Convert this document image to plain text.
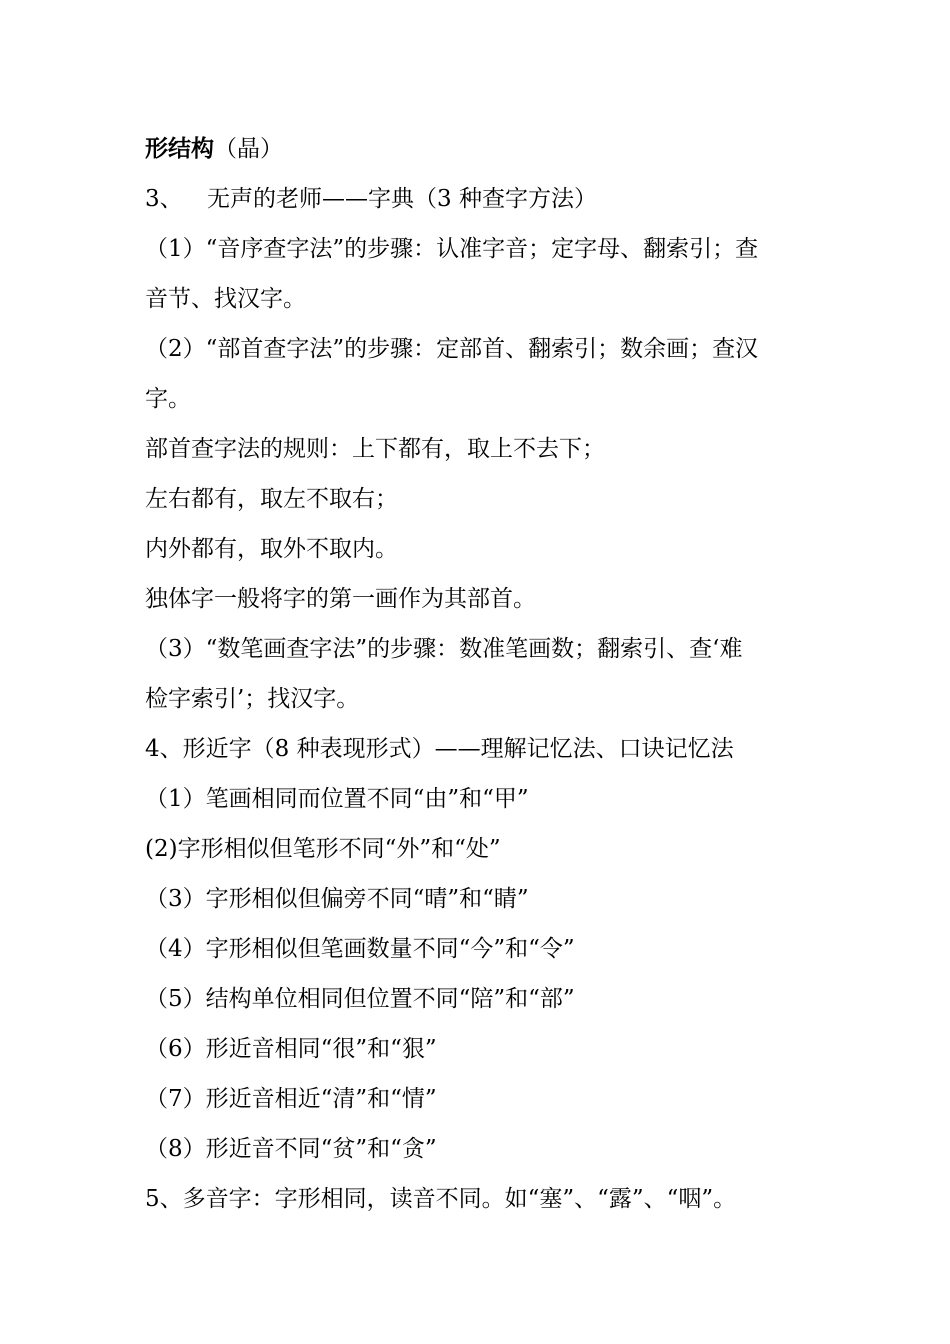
形结构（晶）
3、 无声的老师——字典（3 种查字方法）
（1）“音序查字法”的步骤：认准字音；定字母、翻索引；查
音节、找汉字。
（2）“部首查字法”的步骤：定部首、翻索引；数余画；查汉
字。
部首查字法的规则：上下都有，取上不去下；
左右都有，取左不取右；
内外都有，取外不取内。
独体字一般将字的第一画作为其部首。
（3）“数笔画查字法”的步骤：数准笔画数；翻索引、查‘难
检字索引’；找汉字。
4、形近字（8 种表现形式）——理解记忆法、口诀记忆法
（1）笔画相同而位置不同“由”和“甲”
(2)字形相似但笔形不同“外”和“处”
（3）字形相似但偏旁不同“晴”和“睛”
（4）字形相似但笔画数量不同“今”和“令”
（5）结构单位相同但位置不同“陪”和“部”
（6）形近音相同“很”和“狠”
（7）形近音相近“清”和“情”
（8）形近音不同“贫”和“贪”
5、多音字：字形相同，读音不同。如“塞”、“露”、“咽”。
